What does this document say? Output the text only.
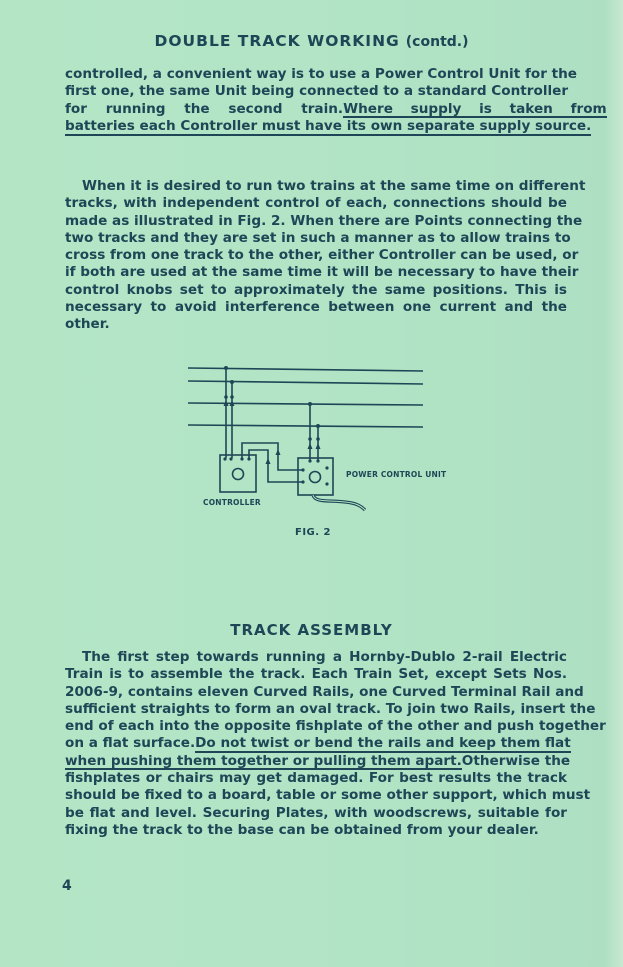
DOUBLE TRACK WORKING (contd.)
controlled, a convenient way is to use a Power Control Unit for the
first one, the same Unit being connected to a standard Controller
for running the second train. Where supply is taken from
batteries each Controller must have its own separate supply source.
When it is desired to run two trains at the same time on different
tracks, with independent control of each, connections should be
made as illustrated in Fig. 2. When there are Points connecting the
two tracks and they are set in such a manner as to allow trains to
cross from one track to the other, either Controller can be used, or
if both are used at the same time it will be necessary to have their
control knobs set to approximately the same positions. This is
necessary to avoid interference between one current and the
other.
CONTROLLER
POWER CONTROL UNIT
FIG. 2
TRACK ASSEMBLY
The first step towards running a Hornby-Dublo 2-rail Electric
Train is to assemble the track. Each Train Set, except Sets Nos.
2006-9, contains eleven Curved Rails, one Curved Terminal Rail and
sufficient straights to form an oval track. To join two Rails, insert the
end of each into the opposite fishplate of the other and push together
on a flat surface. Do not twist or bend the rails and keep them flat
when pushing them together or pulling them apart. Otherwise the
fishplates or chairs may get damaged. For best results the track
should be fixed to a board, table or some other support, which must
be flat and level. Securing Plates, with woodscrews, suitable for
fixing the track to the base can be obtained from your dealer.
4
